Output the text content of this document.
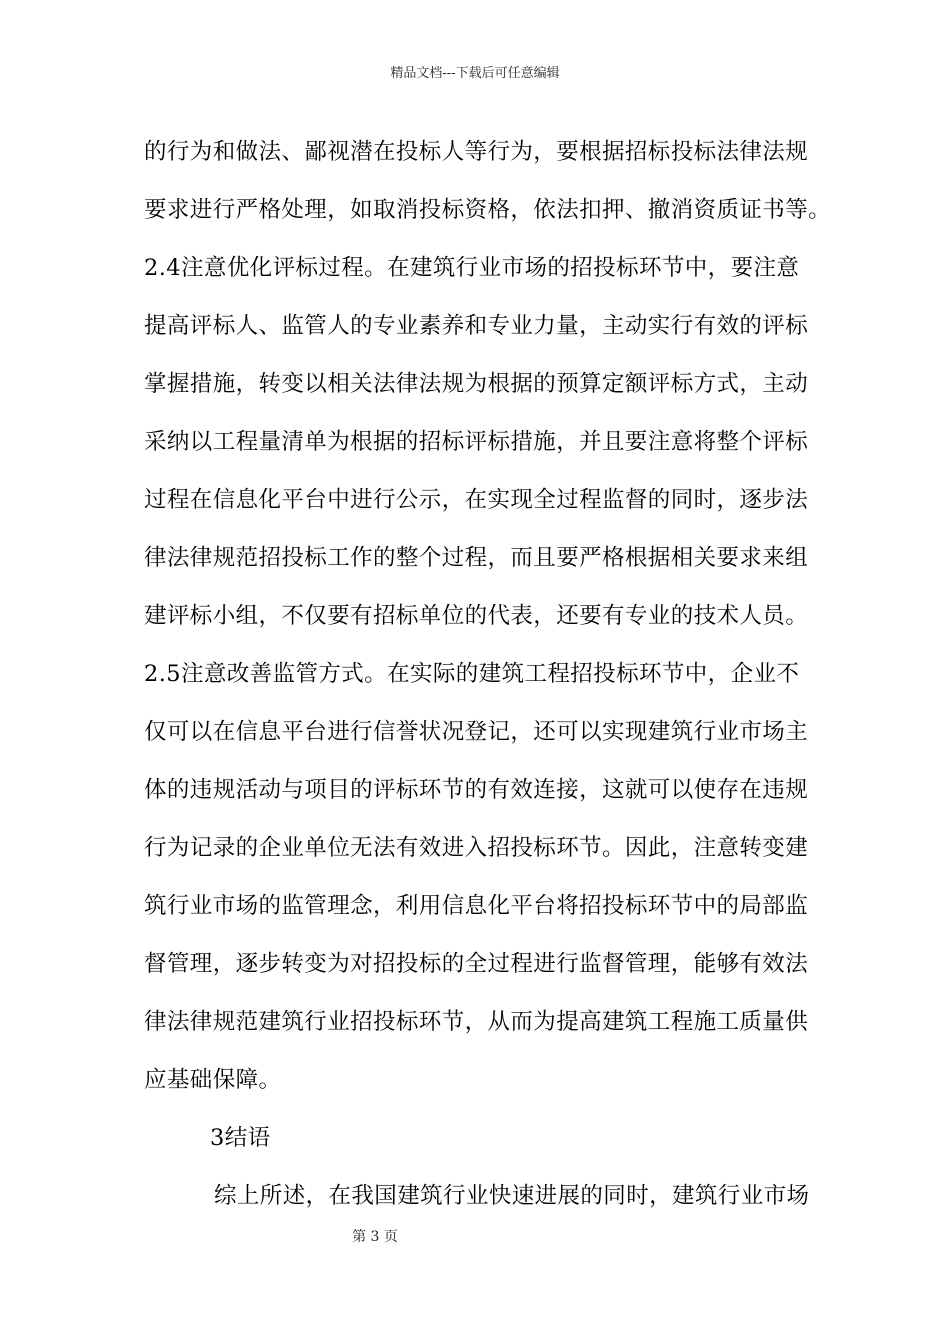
精品文档---下载后可任意编辑
的行为和做法、鄙视潜在投标人等行为，要根据招标投标法律法规
要求进行严格处理，如取消投标资格，依法扣押、撤消资质证书等。
2.4注意优化评标过程。在建筑行业市场的招投标环节中，要注意
提高评标人、监管人的专业素养和专业力量，主动实行有效的评标
掌握措施，转变以相关法律法规为根据的预算定额评标方式，主动
采纳以工程量清单为根据的招标评标措施，并且要注意将整个评标
过程在信息化平台中进行公示，在实现全过程监督的同时，逐步法
律法律规范招投标工作的整个过程，而且要严格根据相关要求来组
建评标小组，不仅要有招标单位的代表，还要有专业的技术人员。
2.5注意改善监管方式。在实际的建筑工程招投标环节中，企业不
仅可以在信息平台进行信誉状况登记，还可以实现建筑行业市场主
体的违规活动与项目的评标环节的有效连接，这就可以使存在违规
行为记录的企业单位无法有效进入招投标环节。因此，注意转变建
筑行业市场的监管理念，利用信息化平台将招投标环节中的局部监
督管理，逐步转变为对招投标的全过程进行监督管理，能够有效法
律法律规范建筑行业招投标环节，从而为提高建筑工程施工质量供
应基础保障。
3结语
综上所述，在我国建筑行业快速进展的同时，建筑行业市场
第 3 页
